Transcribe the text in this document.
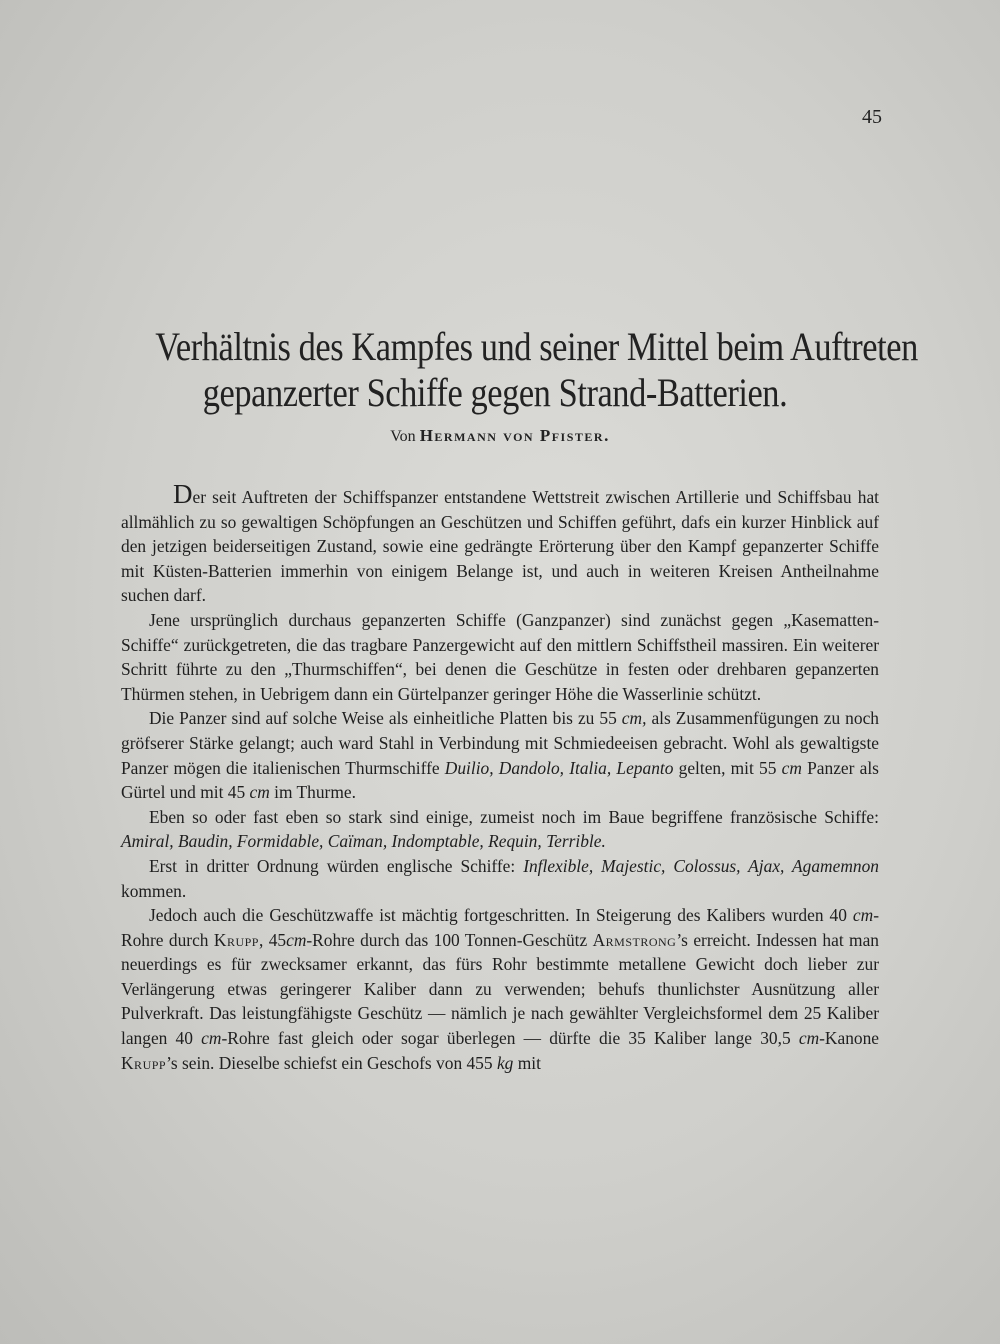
45
Verhältnis des Kampfes und seiner Mittel beim Auftreten
gepanzerter Schiffe gegen Strand-Batterien.
Von Hermann von Pfister.

Der seit Auftreten der Schiffspanzer entstandene Wettstreit zwischen Artillerie und Schiffsbau hat allmählich zu so gewaltigen Schöpfungen an Geschützen und Schiffen geführt, dafs ein kurzer Hinblick auf den jetzigen beiderseitigen Zustand, sowie eine gedrängte Erörterung über den Kampf gepanzerter Schiffe mit Küsten-Batterien immerhin von einigem Belange ist, und auch in weiteren Kreisen Antheilnahme suchen darf.

Jene ursprünglich durchaus gepanzerten Schiffe (Ganzpanzer) sind zunächst gegen „Kasematten-Schiffe“ zurückgetreten, die das tragbare Panzergewicht auf den mittlern Schiffstheil massiren. Ein weiterer Schritt führte zu den „Thurmschiffen“, bei denen die Geschütze in festen oder drehbaren gepanzerten Thürmen stehen, in Uebrigem dann ein Gürtelpanzer geringer Höhe die Wasserlinie schützt.

Die Panzer sind auf solche Weise als einheitliche Platten bis zu 55 cm, als Zusammenfügungen zu noch gröfserer Stärke gelangt; auch ward Stahl in Verbindung mit Schmiedeeisen gebracht. Wohl als gewaltigste Panzer mögen die italienischen Thurmschiffe Duilio, Dandolo, Italia, Lepanto gelten, mit 55 cm Panzer als Gürtel und mit 45 cm im Thurme.

Eben so oder fast eben so stark sind einige, zumeist noch im Baue begriffene französische Schiffe: Amiral, Baudin, Formidable, Caïman, Indomptable, Requin, Terrible.

Erst in dritter Ordnung würden englische Schiffe: Inflexible, Majestic, Colossus, Ajax, Agamemnon kommen.

Jedoch auch die Geschützwaffe ist mächtig fortgeschritten. In Steigerung des Kalibers wurden 40 cm-Rohre durch Krupp, 45cm-Rohre durch das 100 Tonnen-Geschütz Armstrong’s erreicht. Indessen hat man neuerdings es für zwecksamer erkannt, das fürs Rohr bestimmte metallene Gewicht doch lieber zur Verlängerung etwas geringerer Kaliber dann zu verwenden; behufs thunlichster Ausnützung aller Pulverkraft. Das leistungfähigste Geschütz — nämlich je nach gewählter Vergleichsformel dem 25 Kaliber langen 40 cm-Rohre fast gleich oder sogar überlegen — dürfte die 35 Kaliber lange 30,5 cm-Kanone Krupp’s sein. Dieselbe schiefst ein Geschofs von 455 kg mit
